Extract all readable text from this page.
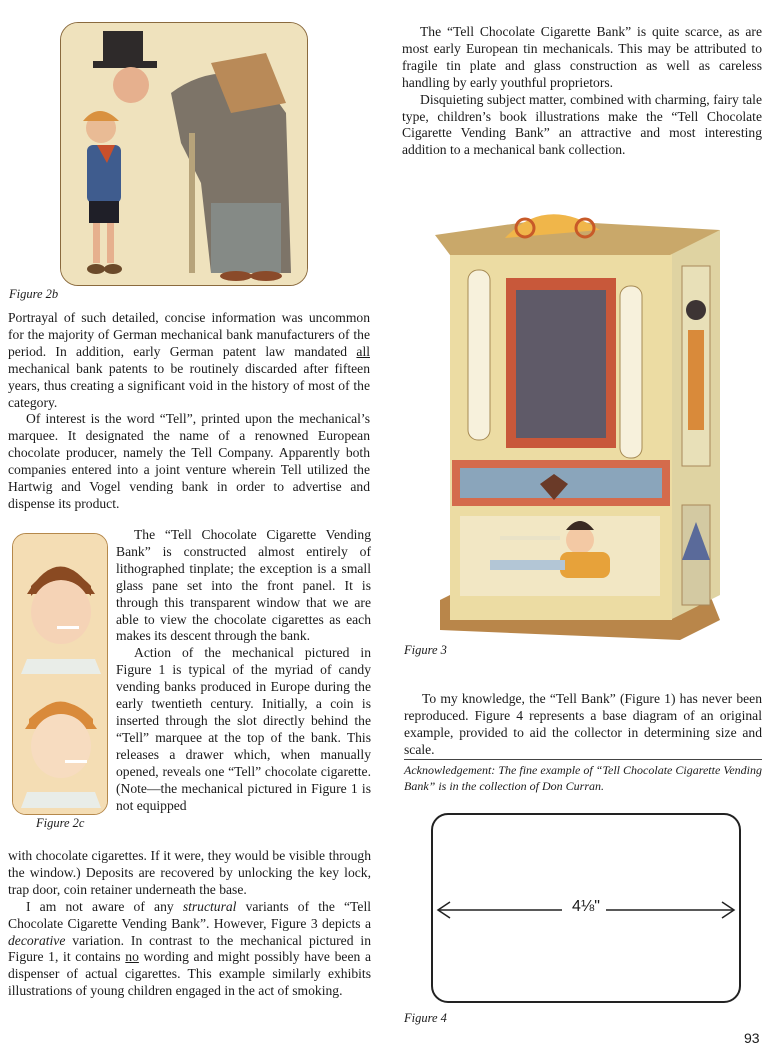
Figure 2b

Portrayal of such detailed, concise information was uncommon for the majority of German mechanical bank manufacturers of the period. In addition, early German patent law mandated all mechanical bank patents to be routinely discarded after fifteen years, thus creating a significant void in the history of most of the category.

Of interest is the word “Tell”, printed upon the mechanical’s marquee. It designated the name of a renowned European chocolate producer, namely the Tell Company. Apparently both companies entered into a joint venture wherein Tell utilized the Hartwig and Vogel vending bank in order to advertise and dispense its product.

Figure 2c

The “Tell Chocolate Cigarette Vending Bank” is constructed almost entirely of lithographed tinplate; the exception is a small glass pane set into the front panel. It is through this transparent window that we are able to view the chocolate cigarettes as each makes its descent through the bank.

Action of the mechanical pictured in Figure 1 is typical of the myriad of candy vending banks produced in Europe during the early twentieth century. Initially, a coin is inserted through the slot directly behind the “Tell” marquee at the top of the bank. This releases a drawer which, when manually opened, reveals one “Tell” chocolate cigarette. (Note—the mechanical pictured in Figure 1 is not equipped

with chocolate cigarettes. If it were, they would be visible through the window.) Deposits are recovered by unlocking the key lock, trap door, coin retainer underneath the base.

I am not aware of any structural variants of the “Tell Chocolate Cigarette Vending Bank”. However, Figure 3 depicts a decorative variation. In contrast to the mechanical pictured in Figure 1, it contains no wording and might possibly have been a dispenser of actual cigarettes. This example similarly exhibits illustrations of young children engaged in the act of smoking.

The “Tell Chocolate Cigarette Bank” is quite scarce, as are most early European tin mechanicals. This may be attributed to fragile tin plate and glass construction as well as careless handling by early youthful proprietors.

Disquieting subject matter, combined with charming, fairy tale type, children’s book illustrations make the “Tell Chocolate Cigarette Vending Bank” an attractive and most interesting addition to a mechanical bank collection.

Figure 3

To my knowledge, the “Tell Bank” (Figure 1) has never been reproduced. Figure 4 represents a base diagram of an original example, provided to aid the collector in determining size and scale.

Acknowledgement: The fine example of “Tell Chocolate Cigarette Vending Bank” is in the collection of Don Curran.
4⅛"
Figure 4
93
